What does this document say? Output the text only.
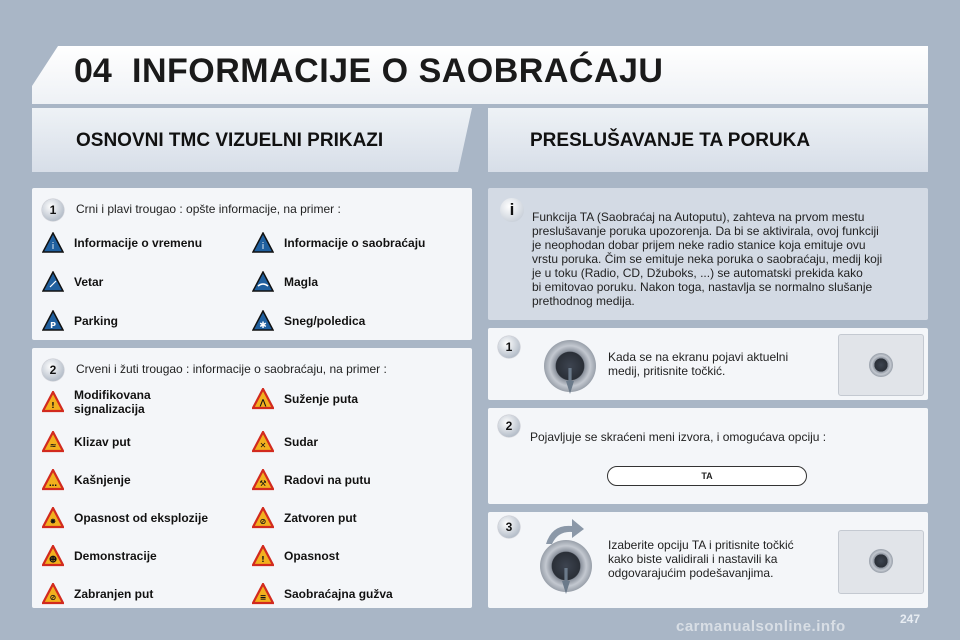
04 INFORMACIJE O SAOBRAĆAJU
OSNOVNI TMC VIZUELNI PRIKAZI	PRESLUŠAVANJE TA PORUKA
1	Crni i plavi trougao : opšte informacije, na primer :
i Informacije o vremenu	i Informacije o saobraćaju
Vetar	Magla
P Parking	✱ Sneg/poledica
2	Crveni i žuti trougao : informacije o saobraćaju, na primer :
!
Modifikovana signalizacija	⋀ Suženje puta
≈ Klizav put	✕ Sudar
… Kašnjenje	⚒ Radovi na putu
✸ Opasnost od eksplozije	⊘ Zatvoren put
☻ Demonstracije	! Opasnost
⊘ Zabranjen put	≡ Saobraćajna gužva
i	Funkcija TA (Saobraćaj na Autoputu), zahteva na prvom mestu
preslušavanje poruka upozorenja. Da bi se aktivirala, ovoj funkciji
je neophodan dobar prijem neke radio stanice koja emituje ovu
vrstu poruka. Čim se emituje neka poruka o saobraćaju, medij koji
je u toku (Radio, CD, Džuboks, ...) se automatski prekida kako
bi emitovao poruku. Nakon toga, nastavlja se normalno slušanje
prethodnog medija.
1
Kada se na ekranu pojavi aktuelni
medij, pritisnite točkić.
2
Pojavljuje se skraćeni meni izvora, i omogućava opciju :
TA
3
Izaberite opciju TA i pritisnite točkić
kako biste validirali i nastavili ka
odgovarajućim podešavanjima.
247
carmanualsonline.info
